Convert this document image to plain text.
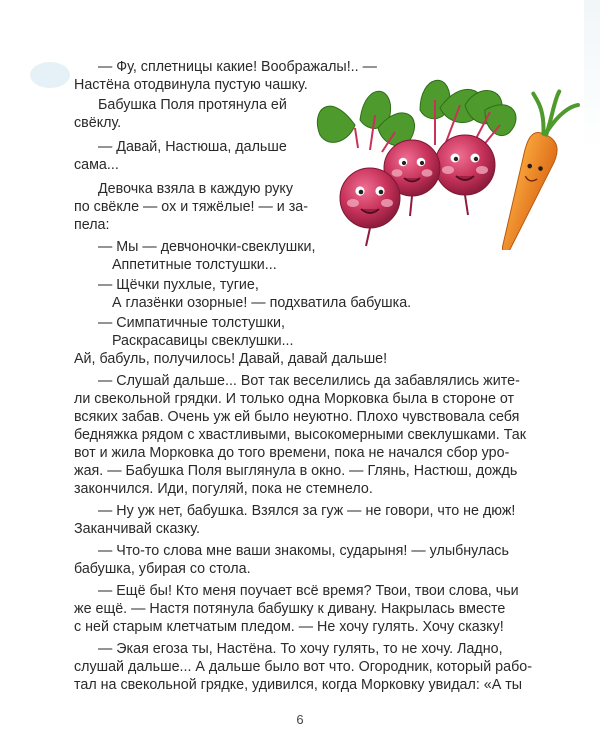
— Фу, сплетницы какие! Воображалы!.. —
Настёна отодвинула пустую чашку.
Бабушка Поля протянула ей
свёклу.
— Давай, Настюша, дальше
сама...
Девочка взяла в каждую руку
по свёкле — ох и тяжёлые! — и за-
пела:
— Мы — девчоночки-свеклушки,
Аппетитные толстушки...
— Щёчки пухлые, тугие,
А глазёнки озорные! — подхватила бабушка.
— Симпатичные толстушки,
Раскрасавицы свеклушки...
Ай, бабуль, получилось! Давай, давай дальше!
— Слушай дальше... Вот так веселились да забавлялись жите-
ли свекольной грядки. И только одна Морковка была в стороне от
всяких забав. Очень уж ей было неуютно. Плохо чувствовала себя
бедняжка рядом с хвастливыми, высокомерными свеклушками. Так
вот и жила Морковка до того времени, пока не начался сбор уро-
жая. — Бабушка Поля выглянула в окно. — Глянь, Настюш, дождь
закончился. Иди, погуляй, пока не стемнело.
— Ну уж нет, бабушка. Взялся за гуж — не говори, что не дюж!
Заканчивай сказку.
— Что-то слова мне ваши знакомы, сударыня! — улыбнулась
бабушка, убирая со стола.
— Ещё бы! Кто меня поучает всё время? Твои, твои слова, чьи
же ещё. — Настя потянула бабушку к дивану. Накрылась вместе
с ней старым клетчатым пледом. — Не хочу гулять. Хочу сказку!
— Экая егоза ты, Настёна. То хочу гулять, то не хочу. Ладно,
слушай дальше... А дальше было вот что. Огородник, который рабо-
тал на свекольной грядке, удивился, когда Морковку увидал: «А ты
6
